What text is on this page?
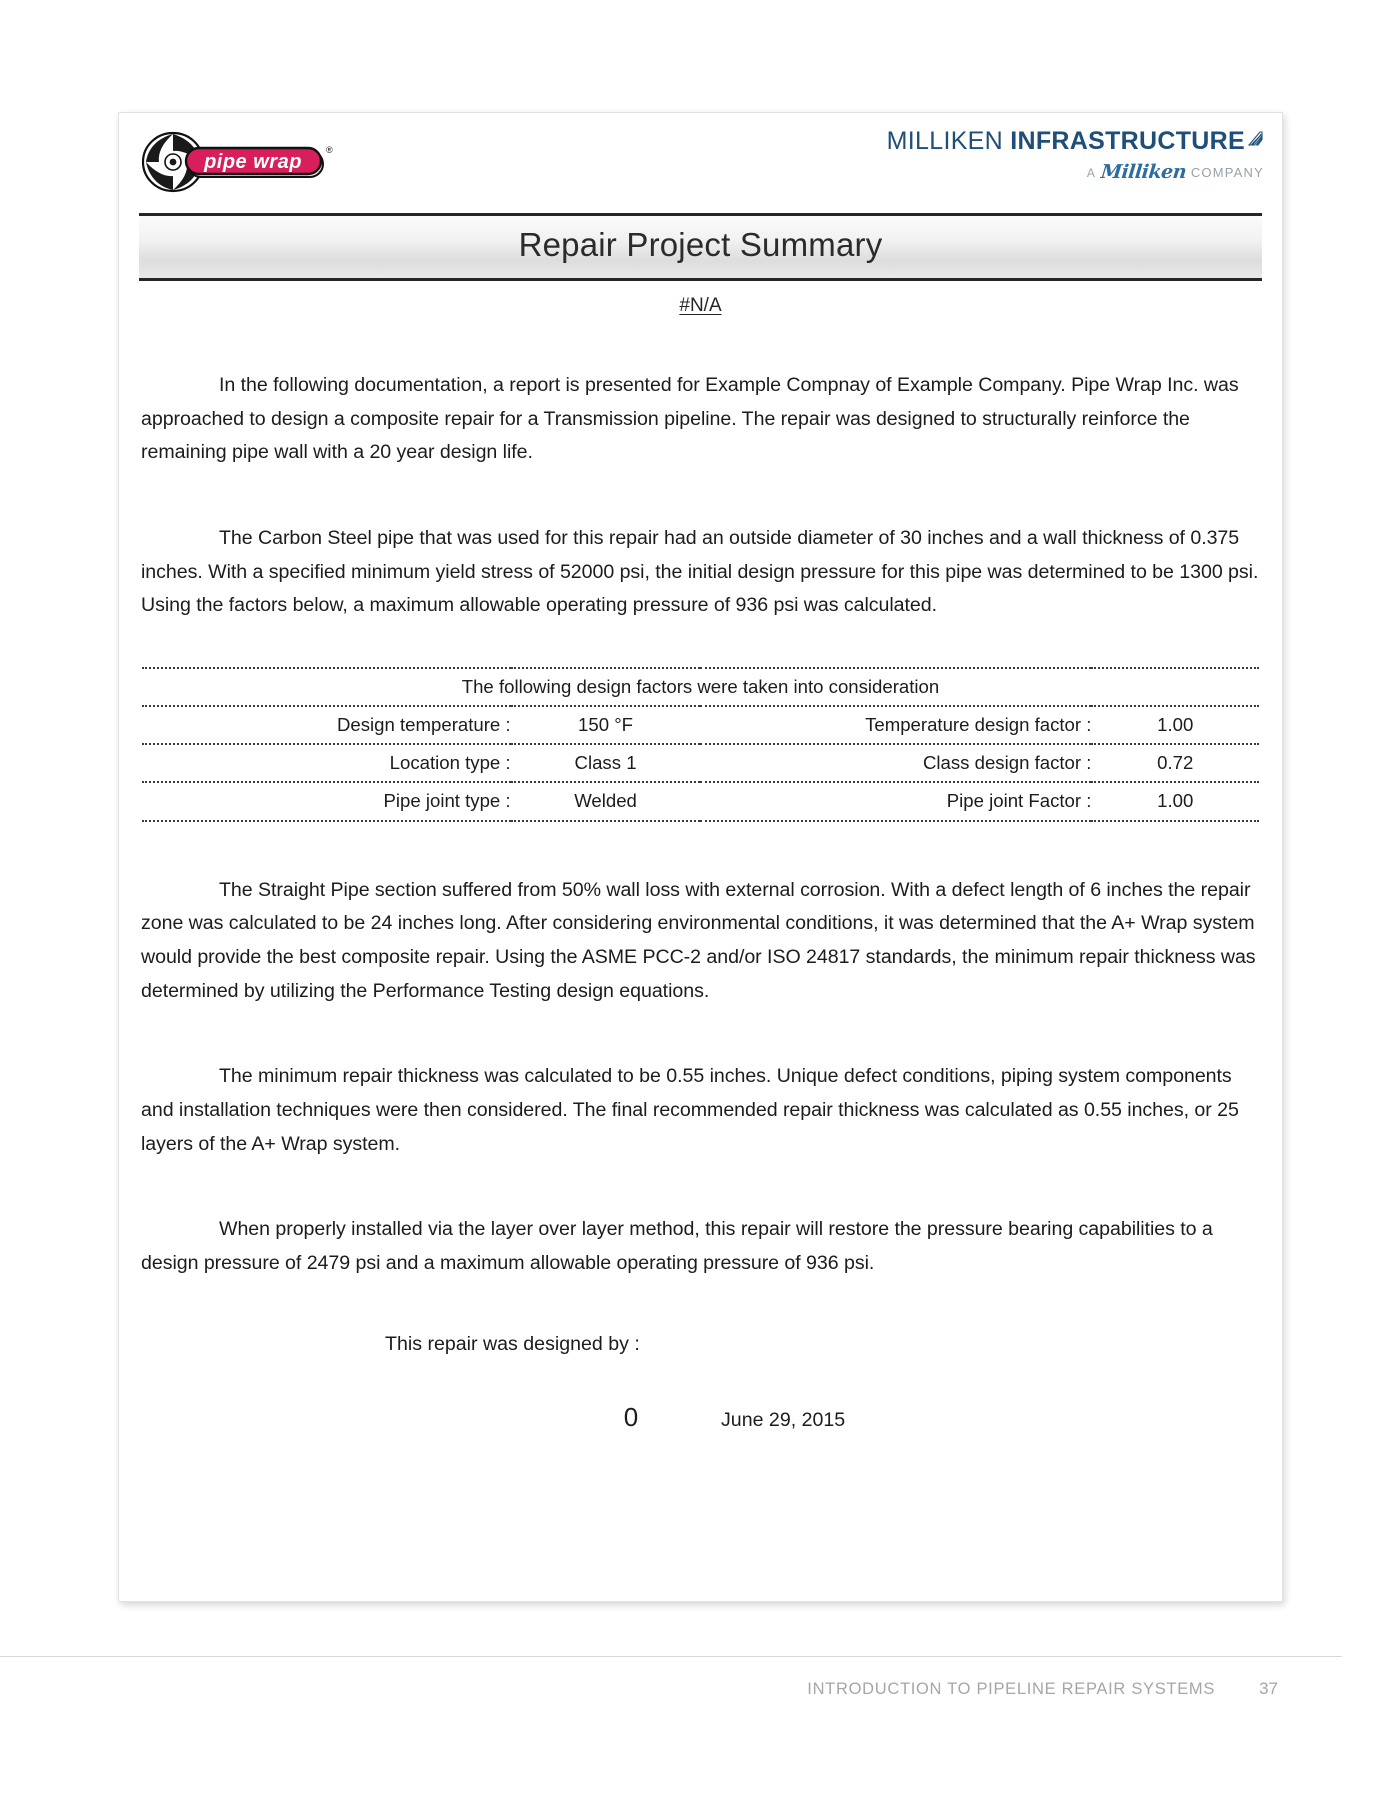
pipe wrap
®	MILLIKEN INFRASTRUCTURE
A Milliken COMPANY
Repair Project Summary
#N/A

In the following documentation, a report is presented for Example Compnay of Example Company. Pipe Wrap Inc. was approached to design a composite repair for a Transmission pipeline. The repair was designed to structurally reinforce the remaining pipe wall with a 20 year design life.

The Carbon Steel pipe that was used for this repair had an outside diameter of 30 inches and a wall thickness of 0.375 inches. With a specified minimum yield stress of 52000 psi, the initial design pressure for this pipe was determined to be 1300 psi. Using the factors below, a maximum allowable operating pressure of 936 psi was calculated.

The following design factors were taken into consideration			
Design temperature :	150 °F	Temperature design factor :	1.00
Location type :	Class 1	Class design factor :	0.72
Pipe joint type :	Welded	Pipe joint Factor :	1.00

The Straight Pipe section suffered from 50% wall loss with external corrosion. With a defect length of 6 inches the repair zone was calculated to be 24 inches long. After considering environmental conditions, it was determined that the A+ Wrap system would provide the best composite repair. Using the ASME PCC-2 and/or ISO 24817 standards, the minimum repair thickness was determined by utilizing the Performance Testing design equations.

The minimum repair thickness was calculated to be 0.55 inches. Unique defect conditions, piping system components and installation techniques were then considered. The final recommended repair thickness was calculated as 0.55 inches, or 25 layers of the A+ Wrap system.

When properly installed via the layer over layer method, this repair will restore the pressure bearing capabilities to a design pressure of 2479 psi and a maximum allowable operating pressure of 936 psi.

This repair was designed by :
0	June 29, 2015
INTRODUCTION TO PIPELINE REPAIR SYSTEMS	37
